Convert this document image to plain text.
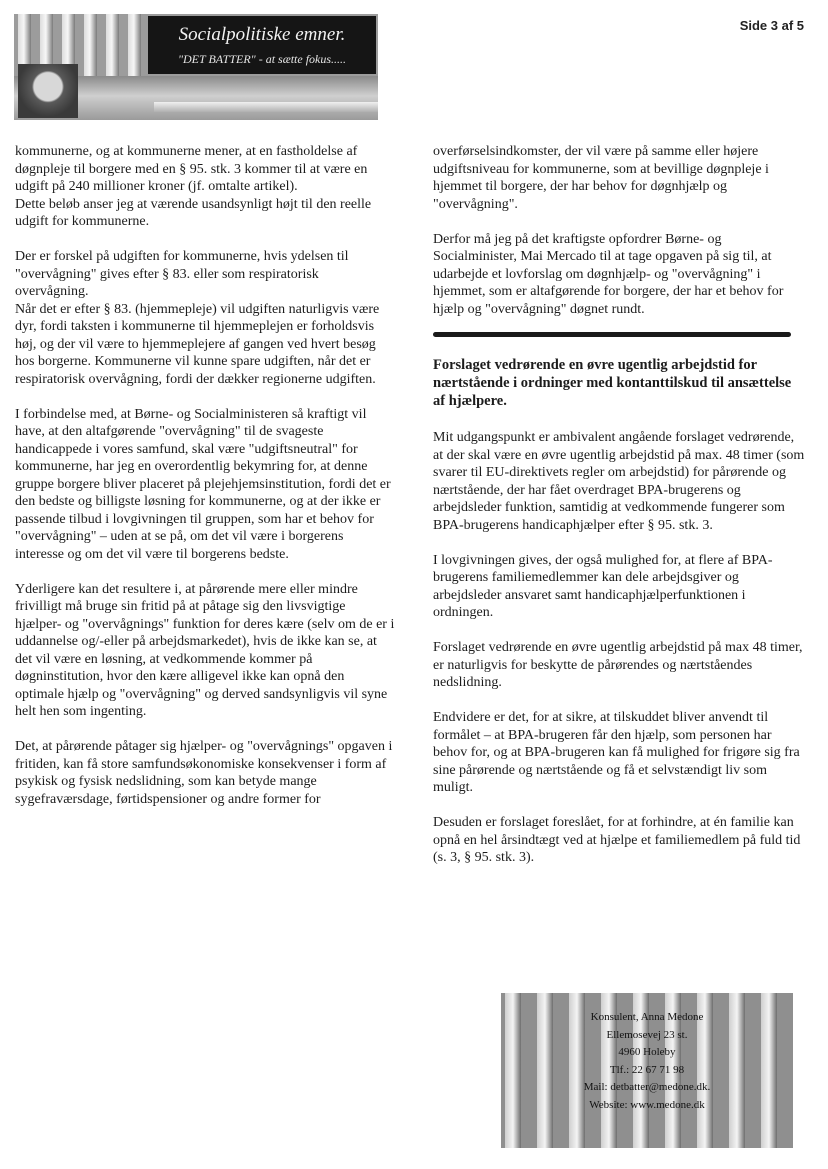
Socialpolitiske emner.
"DET BATTER" - at sætte fokus.....
Side 3 af 5

kommunerne, og at kommunerne mener, at en fastholdelse af døgnpleje til borgere med en § 95. stk. 3 kommer til at være en udgift på 240 millioner kroner (jf. omtalte artikel).

Dette beløb anser jeg at værende usandsynligt højt til den reelle udgift for kommunerne.

Der er forskel på udgiften for kommunerne, hvis ydelsen til "overvågning" gives efter § 83. eller som respiratorisk overvågning.

Når det er efter § 83. (hjemmepleje) vil udgiften naturligvis være dyr, fordi taksten i kommunerne til hjemmeplejen er forholdsvis høj, og der vil være to hjemmeplejere af gangen ved hvert besøg hos borgerne. Kommunerne vil kunne spare udgiften, når det er respiratorisk overvågning, fordi der dækker regionerne udgiften.

I forbindelse med, at Børne- og Socialministeren så kraftigt vil have, at den altafgørende "overvågning" til de svageste handicappede i vores samfund, skal være "udgiftsneutral" for kommunerne, har jeg en overordentlig bekymring for, at denne gruppe borgere bliver placeret på plejehjemsinstitution, fordi det er den bedste og billigste løsning for kommunerne, og at der ikke er passende tilbud i lovgivningen til gruppen, som har et behov for "overvågning" – uden at se på, om det vil være i borgerens interesse og om det vil være til borgerens bedste.

Yderligere kan det resultere i, at pårørende mere eller mindre frivilligt må bruge sin fritid på at påtage sig den livsvigtige hjælper- og "overvågnings" funktion for deres kære (selv om de er i uddannelse og/-eller på arbejdsmarkedet), hvis de ikke kan se, at det vil være en løsning, at vedkommende kommer på døgninstitution, hvor den kære alligevel ikke kan opnå den optimale hjælp og "overvågning" og derved sandsynligvis vil syne helt hen som ingenting.

Det, at pårørende påtager sig hjælper- og "overvågnings" opgaven i fritiden, kan få store samfundsøkonomiske konsekvenser i form af psykisk og fysisk nedslidning, som kan betyde mange sygefraværsdage, førtidspensioner og andre former for

overførselsindkomster, der vil være på samme eller højere udgiftsniveau for kommunerne, som at bevillige døgnpleje i hjemmet til borgere, der har behov for døgnhjælp og "overvågning".

Derfor må jeg på det kraftigste opfordrer Børne- og Socialminister, Mai Mercado til at tage opgaven på sig til, at udarbejde et lovforslag om døgnhjælp- og "overvågning" i hjemmet, som er altafgørende for borgere, der har et behov for hjælp og "overvågning" døgnet rundt.

Forslaget vedrørende en øvre ugentlig arbejdstid for nærtstående i ordninger med kontanttilskud til ansættelse af hjælpere.

Mit udgangspunkt er ambivalent angående forslaget vedrørende, at der skal være en øvre ugentlig arbejdstid på max. 48 timer (som svarer til EU-direktivets regler om arbejdstid) for pårørende og nærtstående, der har fået overdraget BPA-brugerens og arbejdsleder funktion, samtidig at vedkommende fungerer som BPA-brugerens handicaphjælper efter § 95. stk. 3.

I lovgivningen gives, der også mulighed for, at flere af BPA-brugerens familiemedlemmer kan dele arbejdsgiver og arbejdsleder ansvaret samt handicaphjælperfunktionen i ordningen.

Forslaget vedrørende en øvre ugentlig arbejdstid på max 48 timer, er naturligvis for beskytte de pårørendes og nærtståendes nedslidning.

Endvidere er det, for at sikre, at tilskuddet bliver anvendt til formålet – at BPA-brugeren får den hjælp, som personen har behov for, og at BPA-brugeren kan få mulighed for frigøre sig fra sine pårørende og nærtstående og få et selvstændigt liv som muligt.

Desuden er forslaget foreslået, for at forhindre, at én familie kan opnå en hel årsindtægt ved at hjælpe et familiemedlem på fuld tid (s. 3, § 95. stk. 3).

Konsulent, Anna Medone
Ellemosevej 23 st.
4960 Holeby
Tlf.: 22 67 71 98
Mail: detbatter@medone.dk.
Website: www.medone.dk
